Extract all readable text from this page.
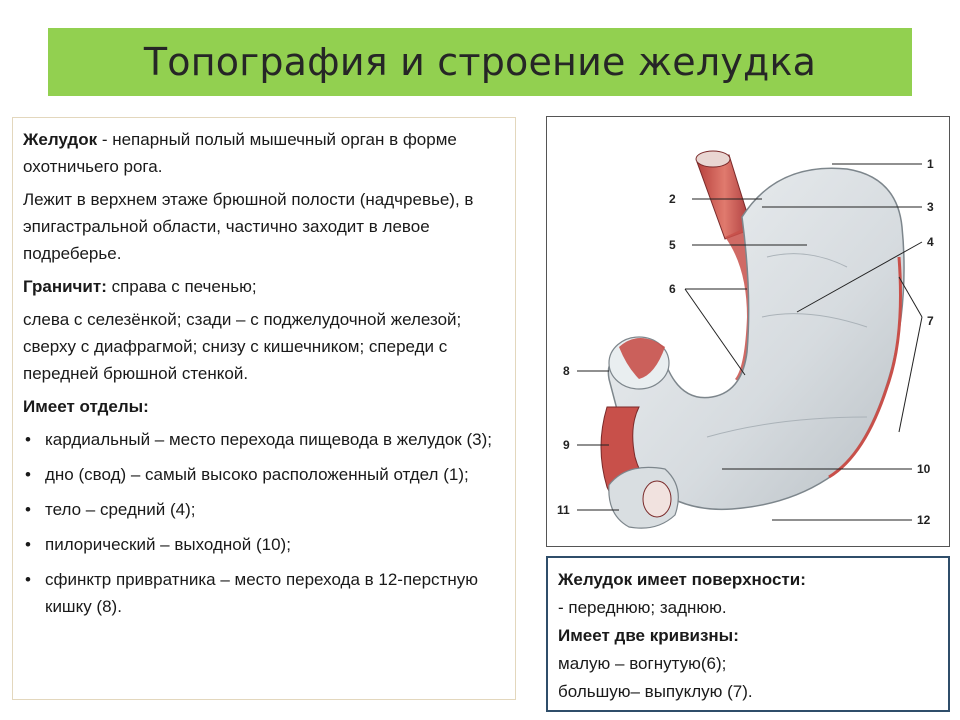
Топография и строение желудка

Желудок - непарный полый мышечный орган в форме охотничьего рога.

Лежит в верхнем этаже брюшной полости (надчревье), в эпигастральной области, частично заходит в левое подреберье.

Граничит: справа с печенью;

слева с селезёнкой; сзади – с поджелудочной железой; сверху с диафрагмой; снизу с кишечником; спереди с передней брюшной стенкой.

Имеет отделы:

• кардиальный – место перехода пищевода в желудок (3);
• дно (свод) – самый высоко расположенный отдел (1);
• тело – средний (4);
• пилорический – выходной (10);
• сфинктр привратника – место перехода в 12-перстную кишку (8).
1
2
3
4
5
6
7
8
9
10
11
12

Желудок имеет поверхности:

- переднюю; заднюю.

Имеет две кривизны:

малую – вогнутую(6);

большую– выпуклую (7).
